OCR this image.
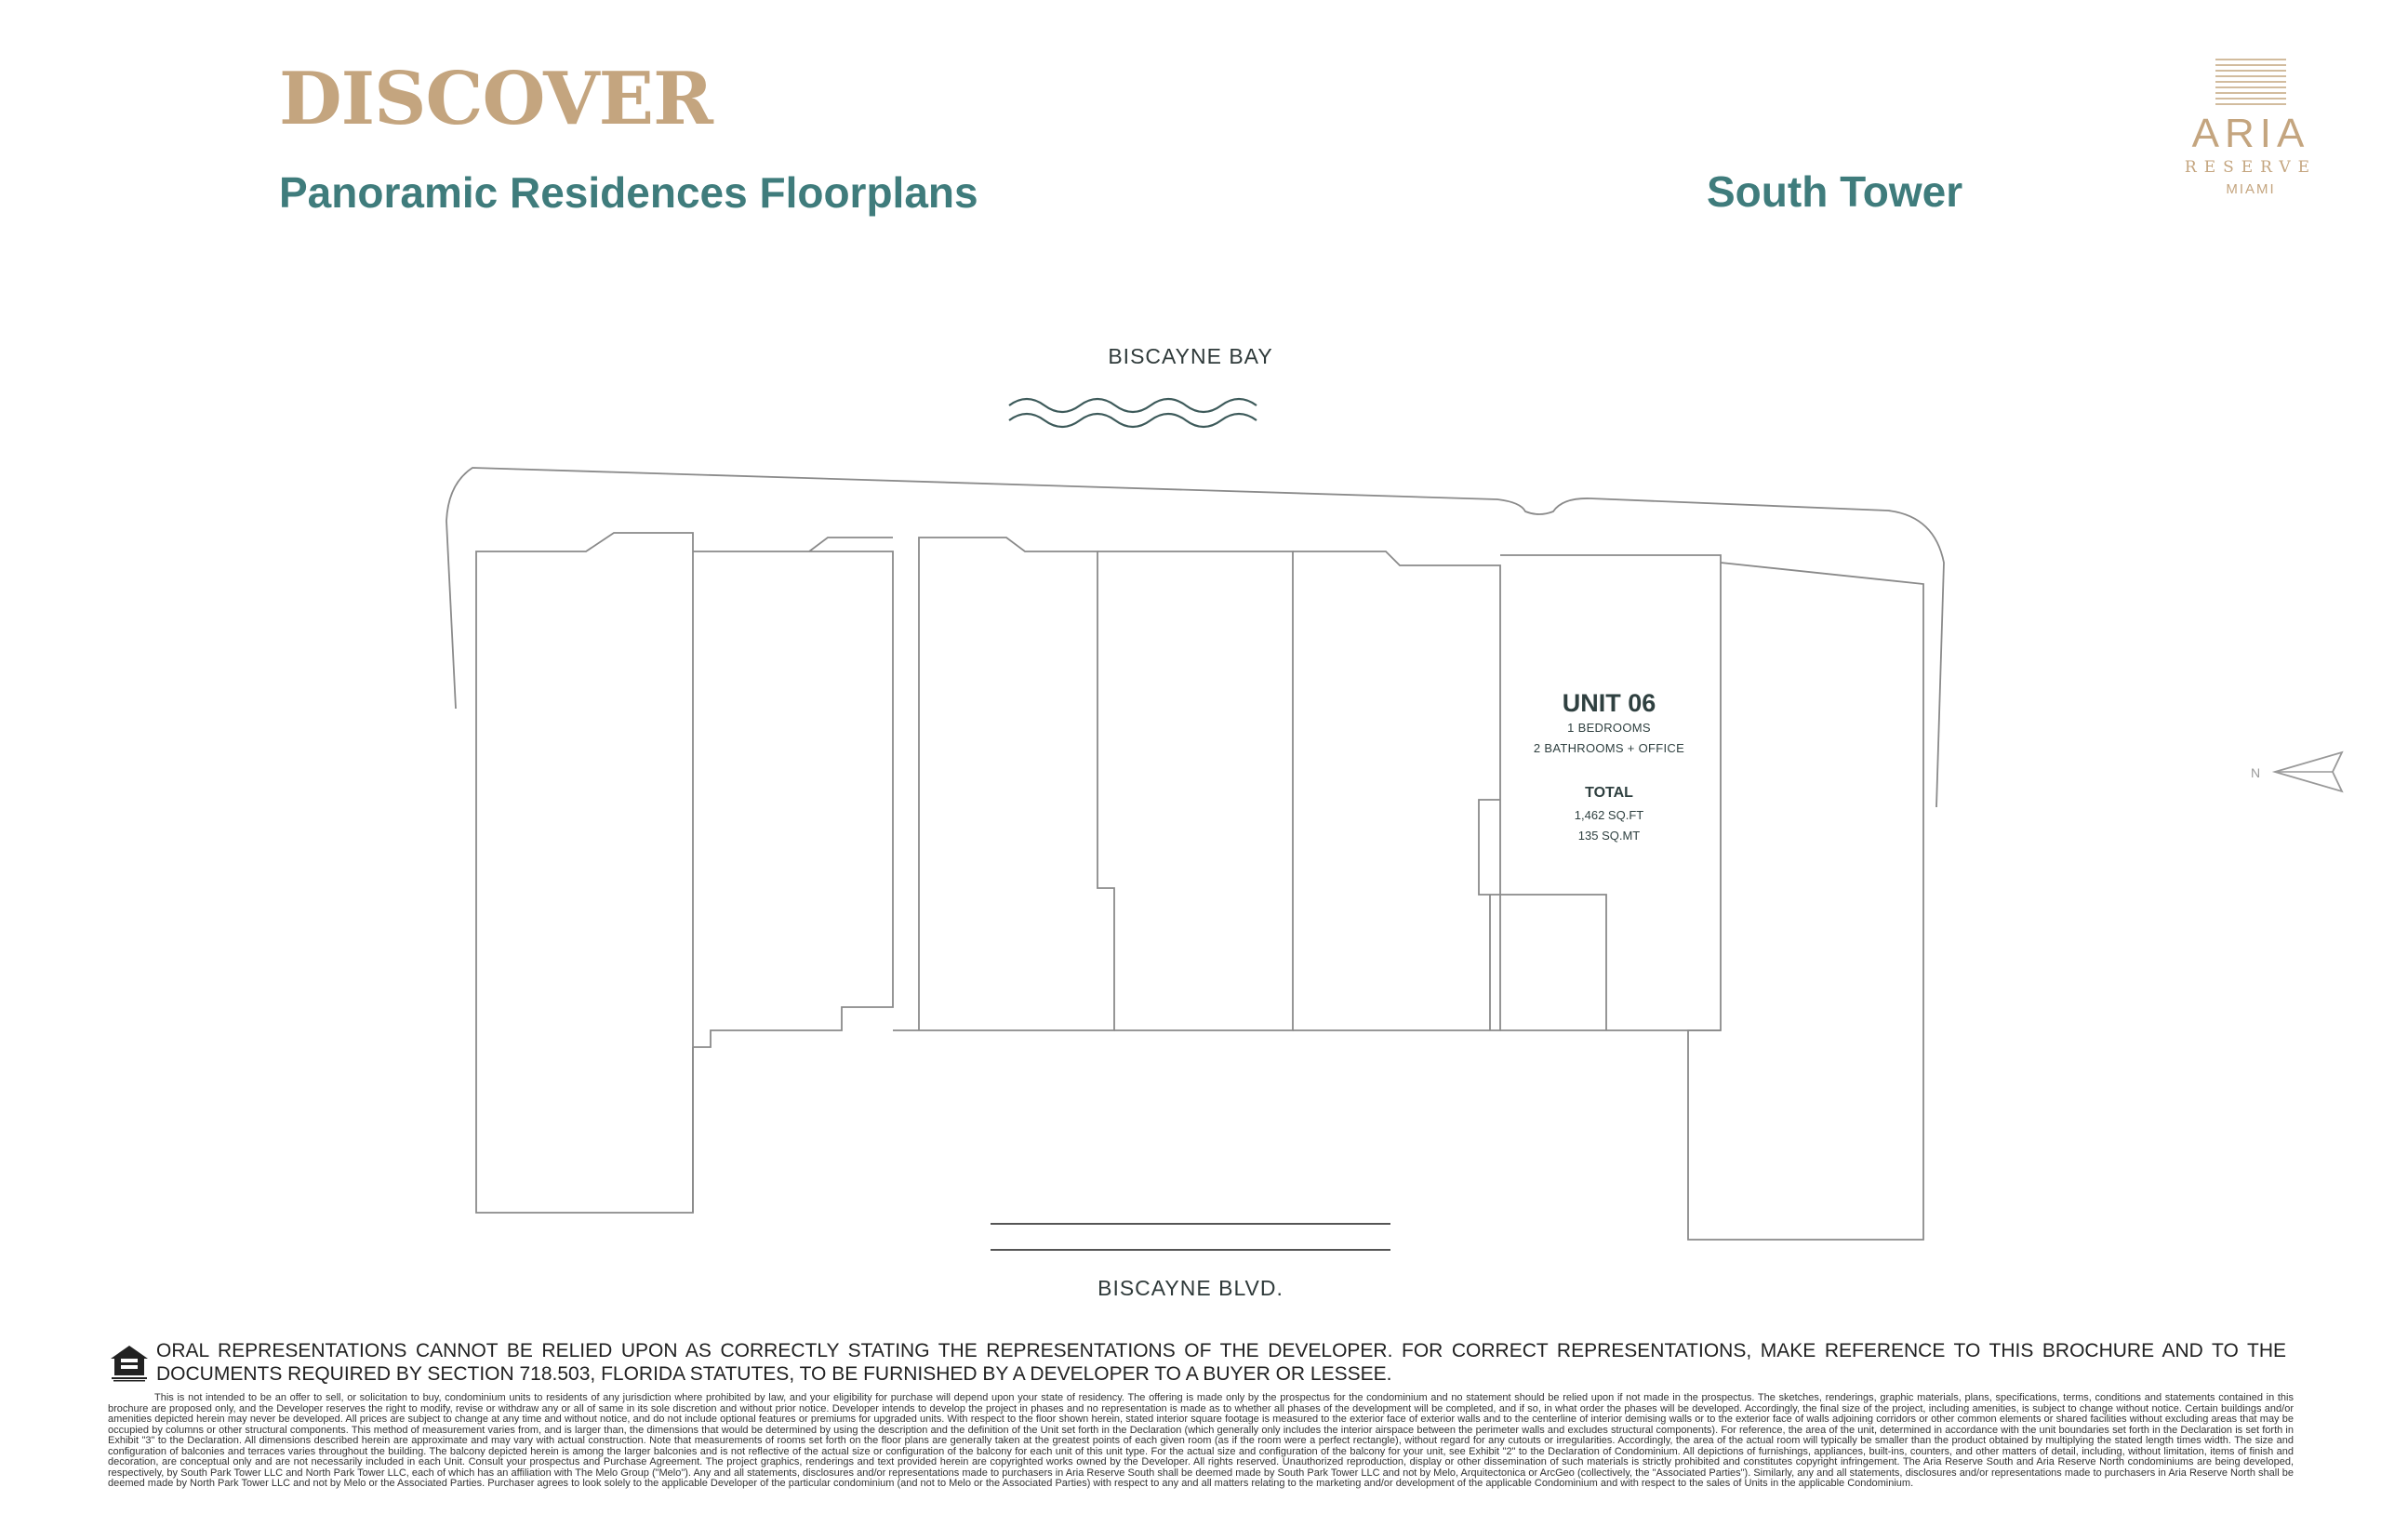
DISCOVER
Panoramic Residences Floorplans	South Tower
ARIA
RESERVE
MIAMI
BISCAYNE BAY
BISCAYNE BLVD.
UNIT 06
1 BEDROOMS
2 BATHROOMS + OFFICE
TOTAL
1,462 SQ.FT
135 SQ.MT
N
ORAL REPRESENTATIONS CANNOT BE RELIED UPON AS CORRECTLY STATING THE REPRESENTATIONS OF THE DEVELOPER. FOR CORRECT REPRESENTATIONS, MAKE REFERENCE TO THIS BROCHURE AND TO THE DOCUMENTS REQUIRED BY SECTION 718.503, FLORIDA STATUTES, TO BE FURNISHED BY A DEVELOPER TO A BUYER OR LESSEE.
This is not intended to be an offer to sell, or solicitation to buy, condominium units to residents of any jurisdiction where prohibited by law, and your eligibility for purchase will depend upon your state of residency. The offering is made only by the prospectus for the condominium and no statement should be relied upon if not made in the prospectus. The sketches, renderings, graphic materials, plans, specifications, terms, conditions and statements contained in this brochure are proposed only, and the Developer reserves the right to modify, revise or withdraw any or all of same in its sole discretion and without prior notice. Developer intends to develop the project in phases and no representation is made as to whether all phases of the development will be completed, and if so, in what order the phases will be developed. Accordingly, the final size of the project, including amenities, is subject to change without notice. Certain buildings and/or amenities depicted herein may never be developed. All prices are subject to change at any time and without notice, and do not include optional features or premiums for upgraded units. With respect to the floor shown herein, stated interior square footage is measured to the exterior face of exterior walls and to the centerline of interior demising walls or to the exterior face of walls adjoining corridors or other common elements or shared facilities without excluding areas that may be occupied by columns or other structural components. This method of measurement varies from, and is larger than, the dimensions that would be determined by using the description and the definition of the Unit set forth in the Declaration (which generally only includes the interior airspace between the perimeter walls and excludes structural components). For reference, the area of the unit, determined in accordance with the unit boundaries set forth in the Declaration is set forth in Exhibit "3" to the Declaration. All dimensions described herein are approximate and may vary with actual construction. Note that measurements of rooms set forth on the floor plans are generally taken at the greatest points of each given room (as if the room were a perfect rectangle), without regard for any cutouts or irregularities. Accordingly, the area of the actual room will typically be smaller than the product obtained by multiplying the stated length times width. The size and configuration of balconies and terraces varies throughout the building. The balcony depicted herein is among the larger balconies and is not reflective of the actual size or configuration of the balcony for each unit of this unit type. For the actual size and configuration of the balcony for your unit, see Exhibit "2" to the Declaration of Condominium. All depictions of furnishings, appliances, built-ins, counters, and other matters of detail, including, without limitation, items of finish and decoration, are conceptual only and are not necessarily included in each Unit. Consult your prospectus and Purchase Agreement. The project graphics, renderings and text provided herein are copyrighted works owned by the Developer. All rights reserved. Unauthorized reproduction, display or other dissemination of such materials is strictly prohibited and constitutes copyright infringement. The Aria Reserve South and Aria Reserve North condominiums are being developed, respectively, by South Park Tower LLC and North Park Tower LLC, each of which has an affiliation with The Melo Group ("Melo"). Any and all statements, disclosures and/or representations made to purchasers in Aria Reserve South shall be deemed made by South Park Tower LLC and not by Melo, Arquitectonica or ArcGeo (collectively, the "Associated Parties"). Similarly, any and all statements, disclosures and/or representations made to purchasers in Aria Reserve North shall be deemed made by North Park Tower LLC and not by Melo or the Associated Parties. Purchaser agrees to look solely to the applicable Developer of the particular condominium (and not to Melo or the Associated Parties) with respect to any and all matters relating to the marketing and/or development of the applicable Condominium and with respect to the sales of Units in the applicable Condominium.
